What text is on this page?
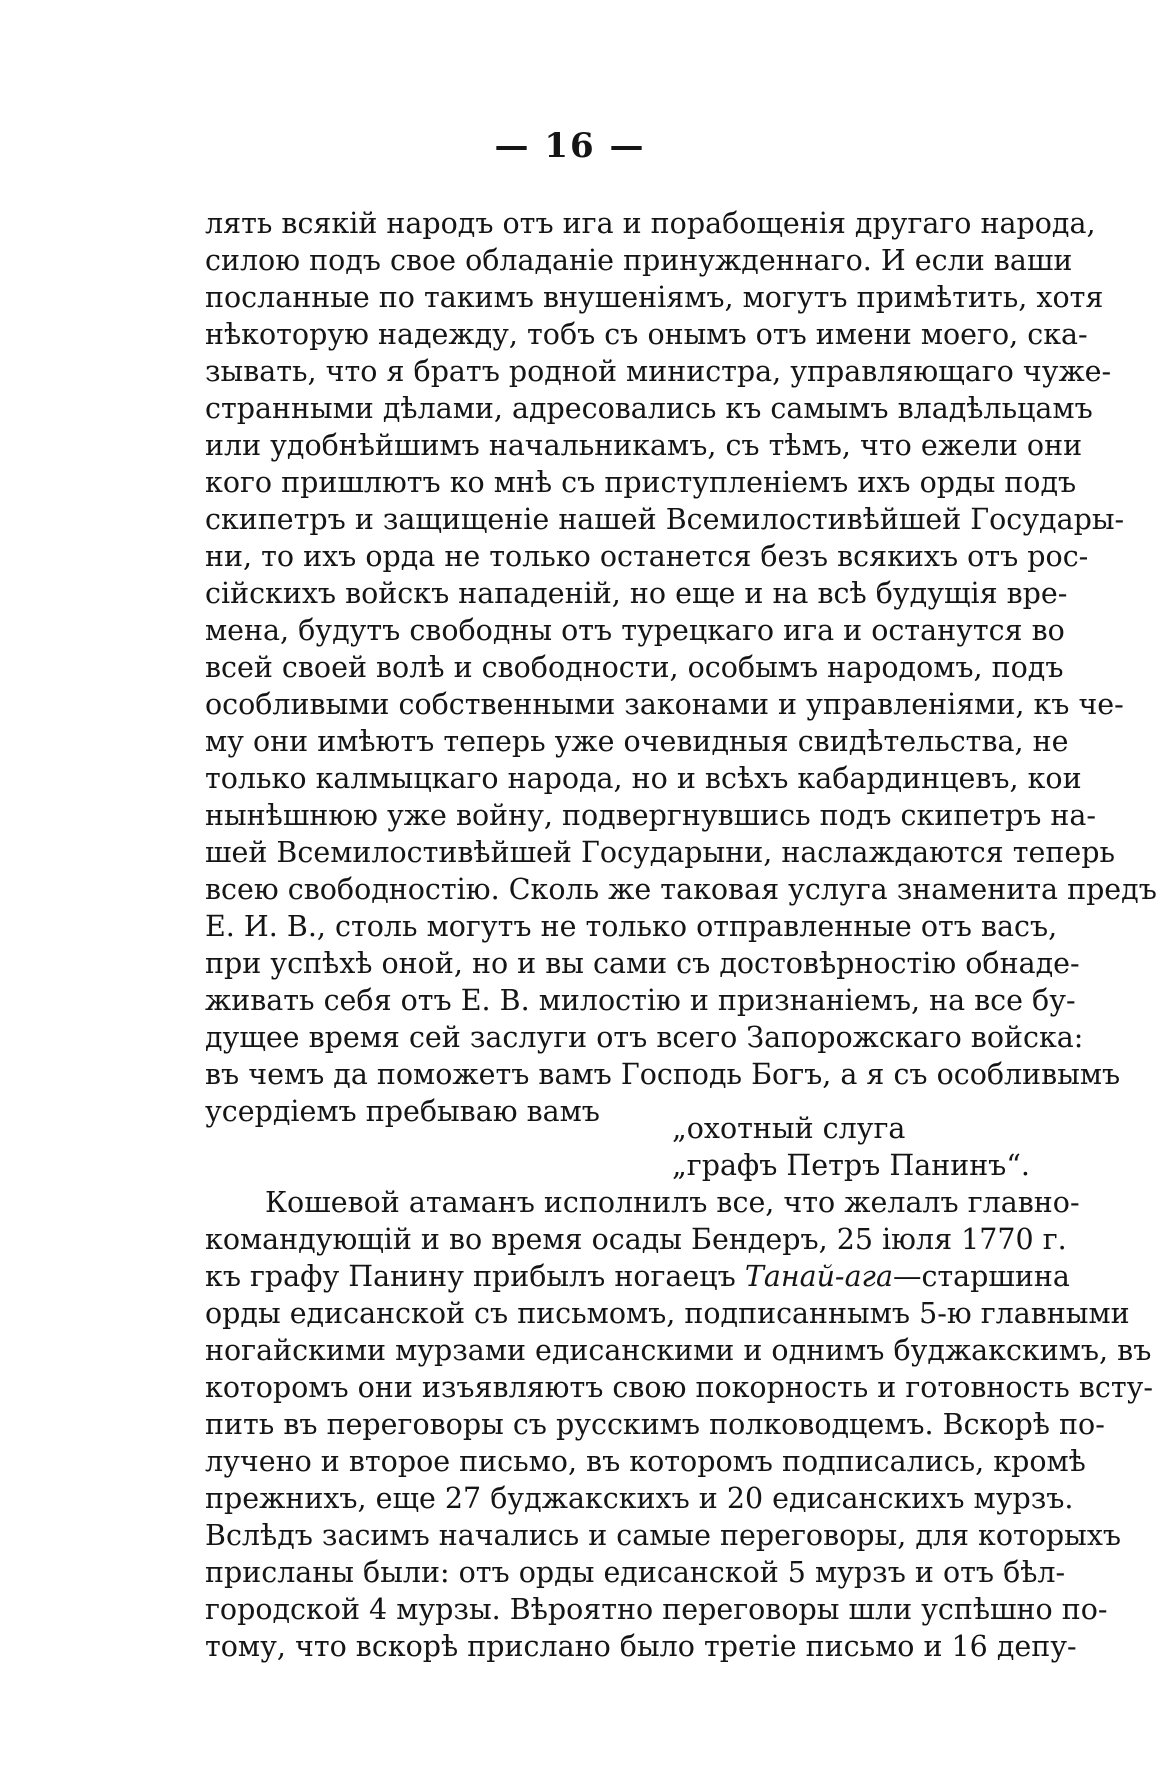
— 16 —
лять всякій народъ отъ ига и порабощенія другаго народа,
силою подъ свое обладаніе принужденнаго. И если ваши
посланные по такимъ внушеніямъ, могутъ примѣтить, хотя
нѣкоторую надежду, тобъ съ онымъ отъ имени моего, ска-
зывать, что я братъ родной министра, управляющаго чуже-
странными дѣлами, адресовались къ самымъ владѣльцамъ
или удобнѣйшимъ начальникамъ, съ тѣмъ, что ежели они
кого пришлютъ ко мнѣ съ приступленіемъ ихъ орды подъ
скипетръ и защищеніе нашей Всемилостивѣйшей Государы-
ни, то ихъ орда не только останется безъ всякихъ отъ рос-
сійскихъ войскъ нападеній, но еще и на всѣ будущія вре-
мена, будутъ свободны отъ турецкаго ига и останутся во
всей своей волѣ и свободности, особымъ народомъ, подъ
особливыми собственными законами и управленіями, къ че-
му они имѣютъ теперь уже очевидныя свидѣтельства, не
только калмыцкаго народа, но и всѣхъ кабардинцевъ, кои
нынѣшнюю уже войну, подвергнувшись подъ скипетръ на-
шей Всемилостивѣйшей Государыни, наслаждаются теперь
всею свободностію. Сколь же таковая услуга знаменита предъ
Е. И. В., столь могутъ не только отправленные отъ васъ,
при успѣхѣ оной, но и вы сами съ достовѣрностію обнаде-
живать себя отъ Е. В. милостію и признаніемъ, на все бу-
дущее время сей заслуги отъ всего Запорожскаго войска:
въ чемъ да поможетъ вамъ Господь Богъ, а я съ особливымъ
усердіемъ пребываю вамъ
„охотный слуга
„графъ Петръ Панинъ“.
Кошевой атаманъ исполнилъ все, что желалъ главно-
командующій и во время осады Бендеръ, 25 іюля 1770 г.
къ графу Панину прибылъ ногаецъ Танай-ага—старшина
орды едисанской съ письмомъ, подписаннымъ 5-ю главными
ногайскими мурзами едисанскими и однимъ буджакскимъ, въ
которомъ они изъявляютъ свою покорность и готовность всту-
пить въ переговоры съ русскимъ полководцемъ. Вскорѣ по-
лучено и второе письмо, въ которомъ подписались, кромѣ
прежнихъ, еще 27 буджакскихъ и 20 едисанскихъ мурзъ.
Вслѣдъ засимъ начались и самые переговоры, для которыхъ
присланы были: отъ орды едисанской 5 мурзъ и отъ бѣл-
городской 4 мурзы. Вѣроятно переговоры шли успѣшно по-
тому, что вскорѣ прислано было третіе письмо и 16 депу-
